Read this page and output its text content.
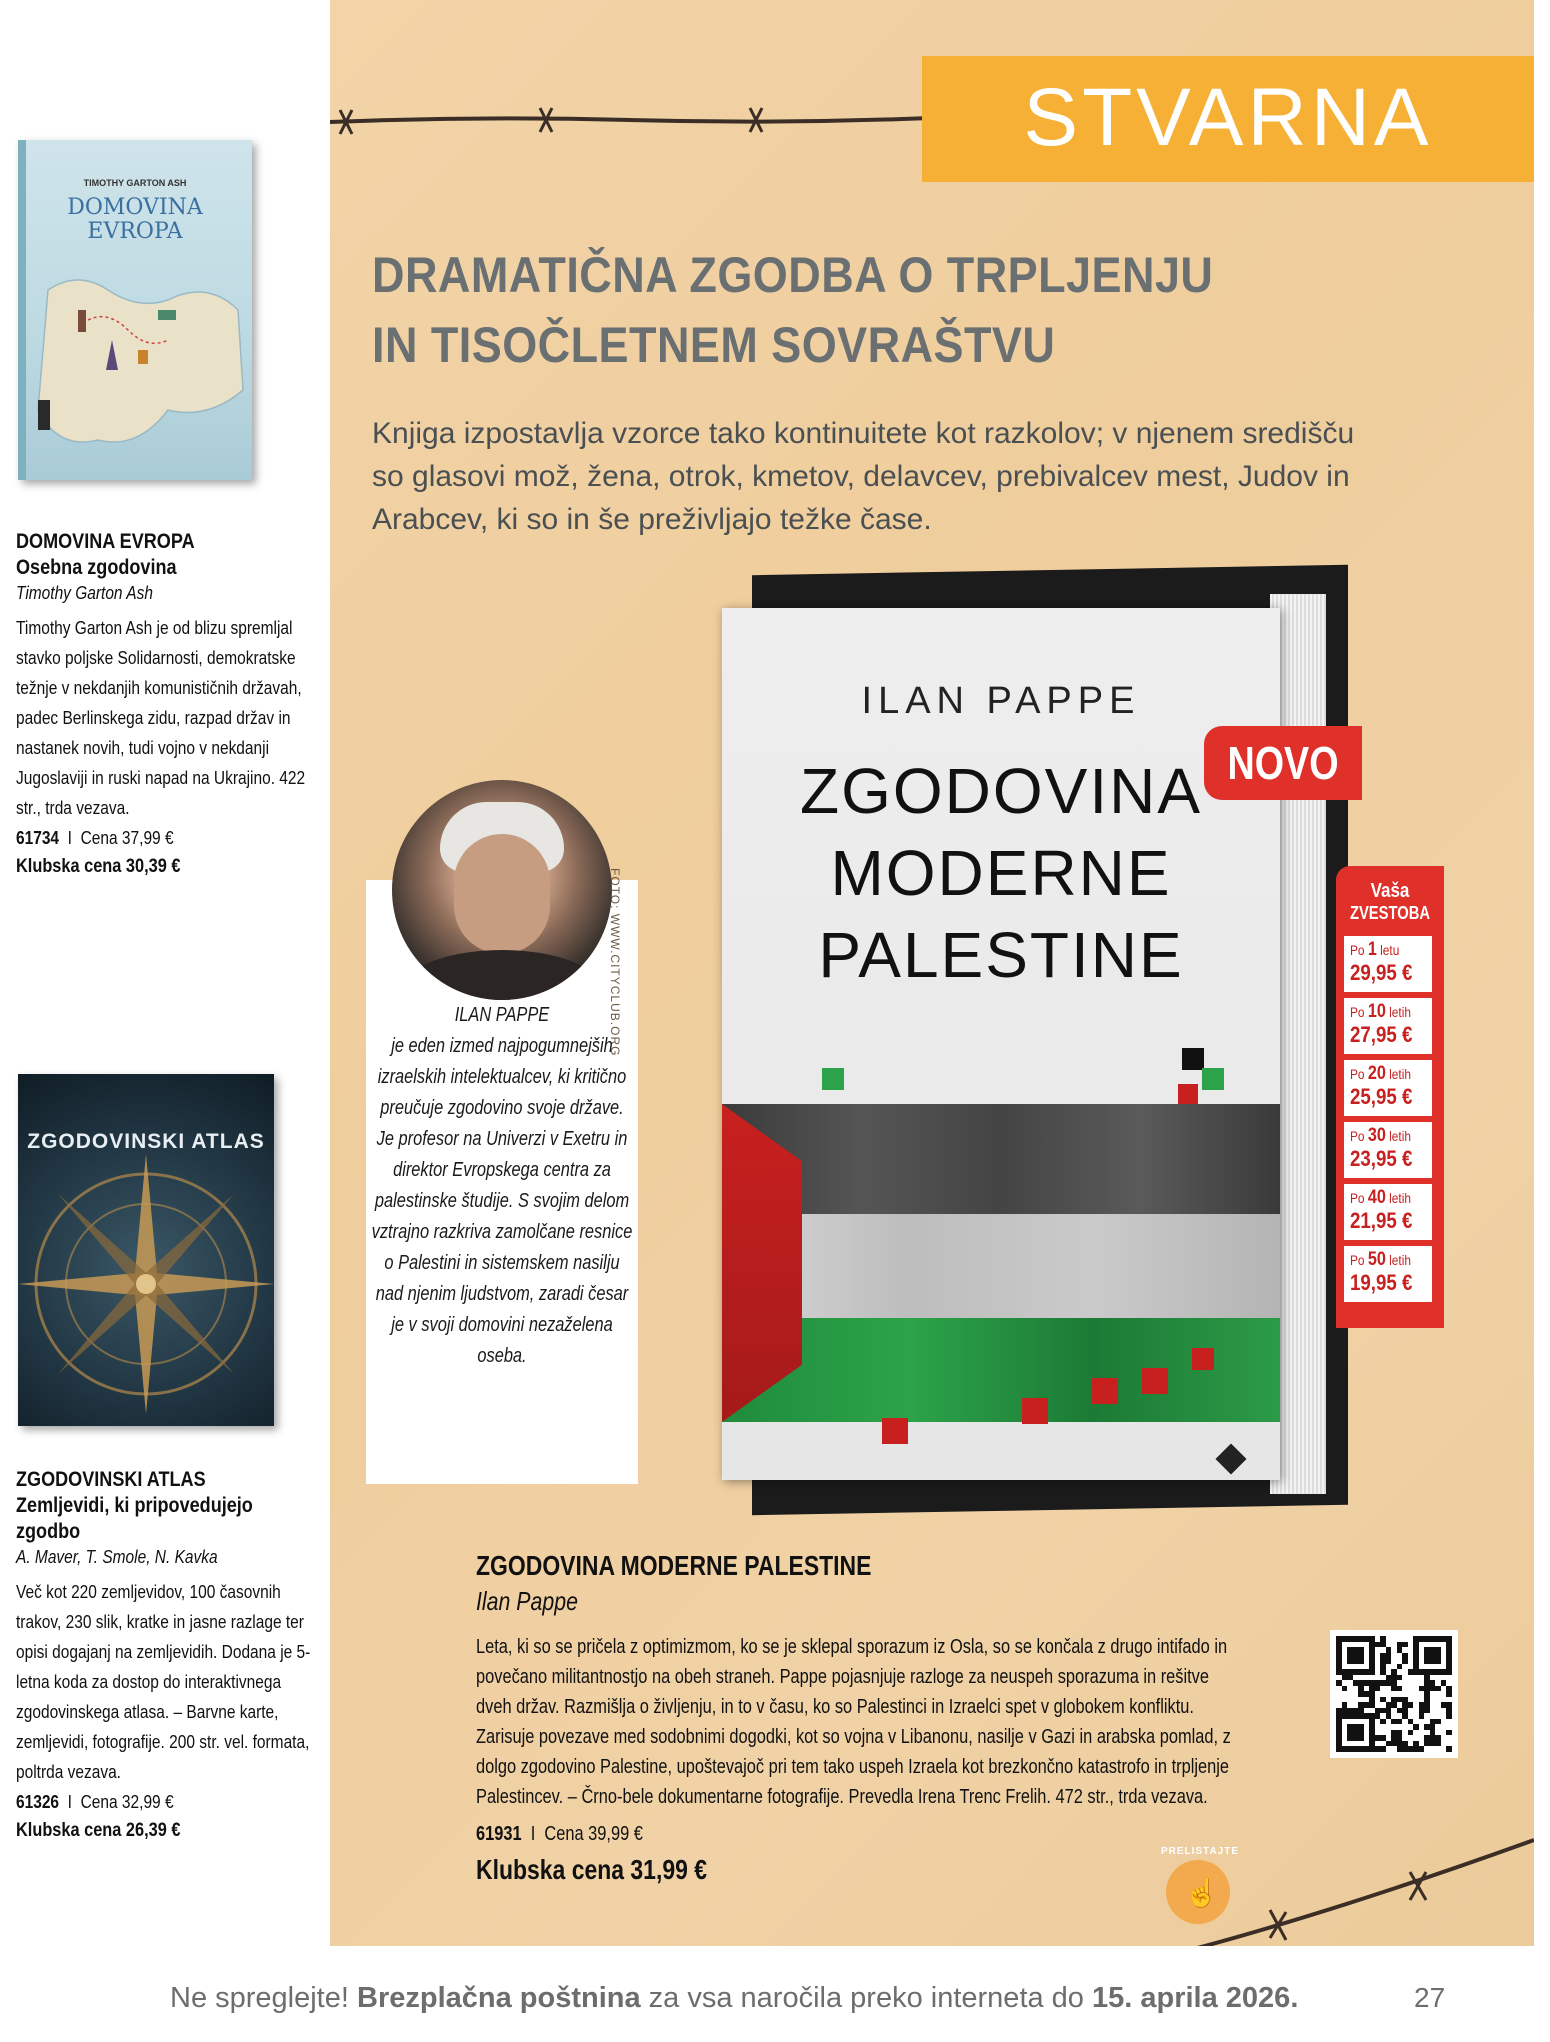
TIMOTHY GARTON ASH
DOMOVINA EVROPA
DOMOVINA EVROPA
Osebna zgodovina
Timothy Garton Ash
Timothy Garton Ash je od blizu spremljal stavko poljske Solidarnosti, demokratske težnje v nekdanjih komunističnih državah, padec Berlinskega zidu, razpad držav in nastanek novih, tudi vojno v nekdanji Jugoslaviji in ruski napad na Ukrajino. 422 str., trda vezava.
61734 I Cena 37,99 €
Klubska cena 30,39 €
ZGODOVINSKI ATLAS
ZGODOVINSKI ATLAS
Zemljevidi, ki pripovedujejo zgodbo
A. Maver, T. Smole, N. Kavka
Več kot 220 zemljevidov, 100 časovnih trakov, 230 slik, kratke in jasne razlage ter opisi dogajanj na zemljevidih. Dodana je 5-letna koda za dostop do interaktivnega zgodovinskega atlasa. – Barvne karte, zemljevidi, fotografije. 200 str. vel. formata, poltrda vezava.
61326 I Cena 32,99 €
Klubska cena 26,39 €
STVARNA
DRAMATIČNA ZGODBA O TRPLJENJU
IN TISOČLETNEM SOVRAŠTVU
Knjiga izpostavlja vzorce tako kontinuitete kot razkolov; v njenem središču so glasovi mož, žena, otrok, kmetov, delavcev, prebivalcev mest, Judov in Arabcev, ki so in še preživljajo težke čase.
ILAN PAPPE
ZGODOVINA
MODERNE
PALESTINE
NOVO
Vaša
ZVESTOBA
Po 1 letu
29,95 €
Po 10 letih
27,95 €
Po 20 letih
25,95 €
Po 30 letih
23,95 €
Po 40 letih
21,95 €
Po 50 letih
19,95 €
FOTO: WWW.CITYCLUB.ORG
ILAN PAPPE
je eden izmed najpogumnejših izraelskih intelektualcev, ki kritično preučuje zgodovino svoje države. Je profesor na Univerzi v Exetru in direktor Evropskega centra za palestinske študije. S svojim delom vztrajno razkriva zamolčane resnice o Palestini in sistemskem nasilju nad njenim ljudstvom, zaradi česar je v svoji domovini nezaželena oseba.
ZGODOVINA MODERNE PALESTINE
Ilan Pappe
Leta, ki so se pričela z optimizmom, ko se je sklepal sporazum iz Osla, so se končala z drugo intifado in povečano militantnostjo na obeh straneh. Pappe pojasnjuje razloge za neuspeh sporazuma in rešitve dveh držav. Razmišlja o življenju, in to v času, ko so Palestinci in Izraelci spet v globokem konfliktu. Zarisuje povezave med sodobnimi dogodki, kot so vojna v Libanonu, nasilje v Gazi in arabska pomlad, z dolgo zgodovino Palestine, upoštevajoč pri tem tako uspeh Izraela kot brezkončno katastrofo in trpljenje Palestincev. – Črno-bele dokumentarne fotografije. Prevedla Irena Trenc Frelih. 472 str., trda vezava.
61931 I Cena 39,99 €
Klubska cena 31,99 €
PRELISTAJTE
☝
Ne spreglejte! Brezplačna poštnina za vsa naročila preko interneta do 15. aprila 2026.	27
